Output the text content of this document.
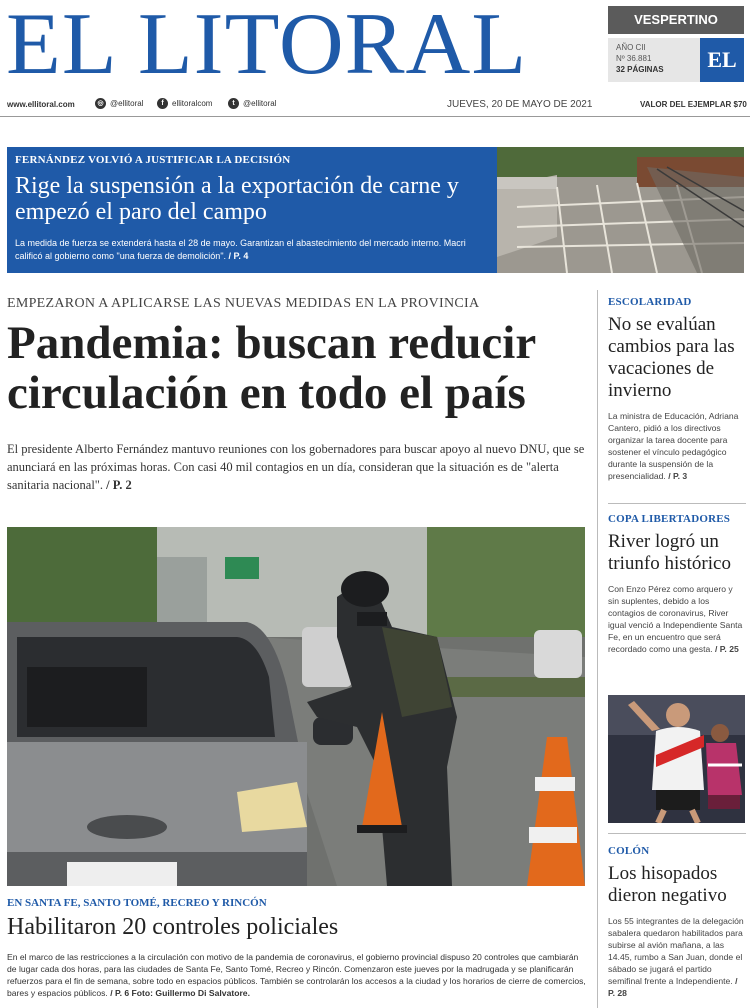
EL LITORAL	VESPERTINO
AÑO CII
Nº 36.881
32 PÁGINAS	EL
www.ellitoral.com	◎ @ellitoral	f	ellitoralcom	t	@ellitoral	JUEVES, 20 DE MAYO DE 2021	VALOR DEL EJEMPLAR $70
FERNÁNDEZ VOLVIÓ A JUSTIFICAR LA DECISIÓN
Rige la suspensión a la exportación de carne y empezó el paro del campo
La medida de fuerza se extenderá hasta el 28 de mayo. Garantizan el abastecimiento del mercado interno. Macri calificó al gobierno como "una fuerza de demolición". / P. 4
EMPEZARON A APLICARSE LAS NUEVAS MEDIDAS EN LA PROVINCIA
Pandemia: buscan reducir circulación en todo el país
El presidente Alberto Fernández mantuvo reuniones con los gobernadores para buscar apoyo al nuevo DNU, que se anunciará en las próximas horas. Con casi 40 mil contagios en un día, consideran que la situación es de "alerta sanitaria nacional". / P. 2
EN SANTA FE, SANTO TOMÉ, RECREO Y RINCÓN
Habilitaron 20 controles policiales
En el marco de las restricciones a la circulación con motivo de la pandemia de coronavirus, el gobierno provincial dispuso 20 controles que cambiarán de lugar cada dos horas, para las ciudades de Santa Fe, Santo Tomé, Recreo y Rincón. Comenzaron este jueves por la madrugada y se planificarán refuerzos para el fin de semana, sobre todo en espacios públicos. También se controlarán los accesos a la ciudad y los horarios de cierre de comercios, bares y espacios públicos. / P. 6 Foto: Guillermo Di Salvatore.
ESCOLARIDAD
No se evalúan cambios para las vacaciones de invierno
La ministra de Educación, Adriana Cantero, pidió a los directivos organizar la tarea docente para sostener el vínculo pedagógico durante la suspensión de la presencialidad. / P. 3
COPA LIBERTADORES
River logró un triunfo histórico
Con Enzo Pérez como arquero y sin suplentes, debido a los contagios de coronavirus, River igual venció a Independiente Santa Fe, en un encuentro que será recordado como una gesta. / P. 25
COLÓN
Los hisopados dieron negativo
Los 55 integrantes de la delegación sabalera quedaron habilitados para subirse al avión mañana, a las 14.45, rumbo a San Juan, donde el sábado se jugará el partido semifinal frente a Independiente. / P. 28
